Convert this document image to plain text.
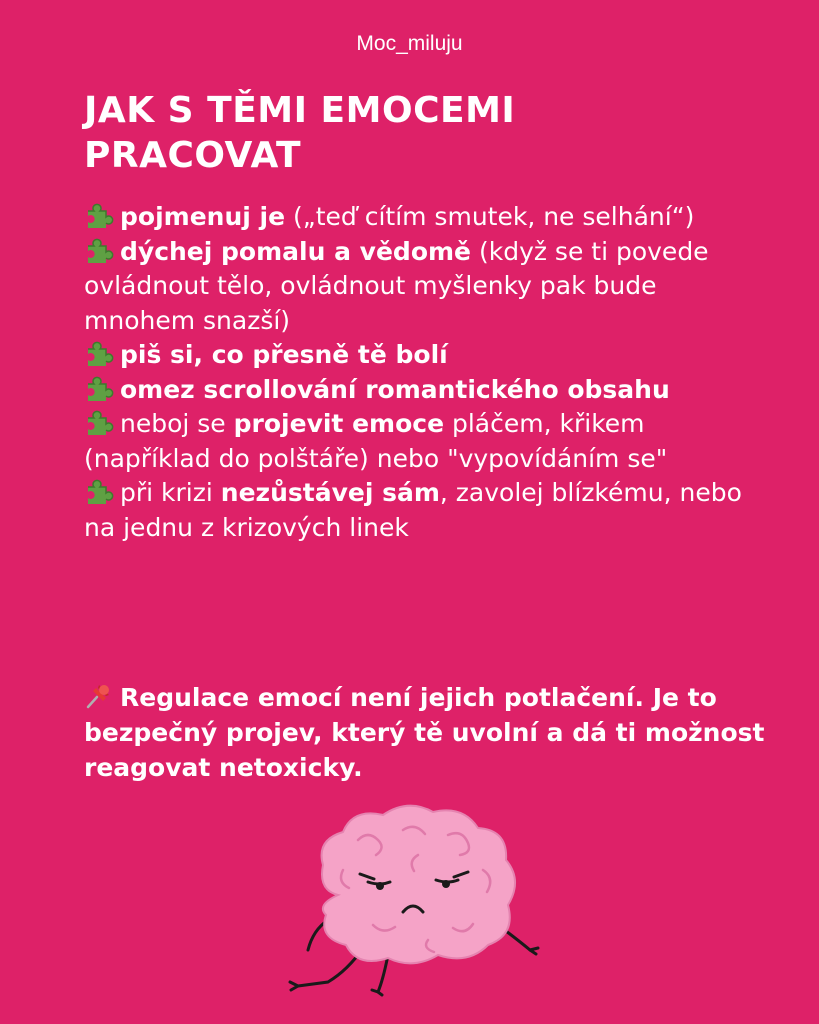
Moc_miluju
JAK S TĚMI EMOCEMI
PRACOVAT

pojmenuj je („teď cítím smutek, ne selhání“)

dýchej pomalu a vědomě (když se ti povede ovládnout tělo, ovládnout myšlenky pak bude mnohem snazší)

piš si, co přesně tě bolí

omez scrollování romantického obsahu

neboj se projevit emoce pláčem, křikem (například do polštáře) nebo "vypovídáním se"

při krizi nezůstávej sám, zavolej blízkému, nebo na jednu z krizových linek

Regulace emocí není jejich potlačení. Je to bezpečný projev, který tě uvolní a dá ti možnost reagovat netoxicky.
